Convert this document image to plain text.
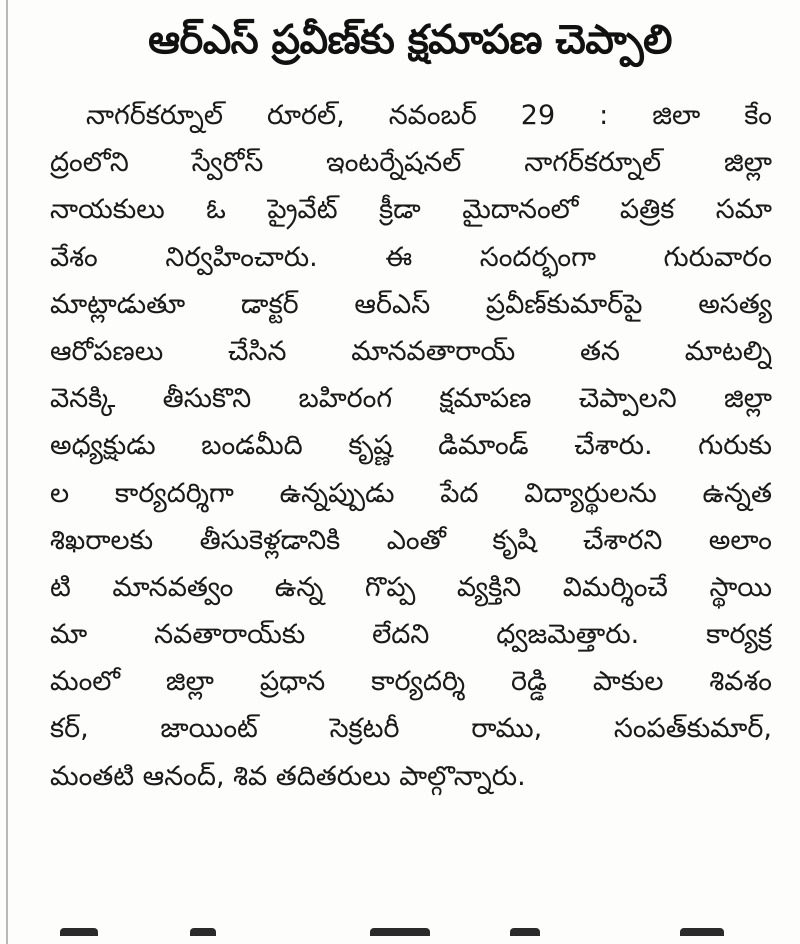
ఆర్‌ఎస్ ప్రవీణ్‌కు క్షమాపణ చెప్పాలి
నాగర్‌కర్నూల్ రూరల్, నవంబర్ 29 : జిలా కేం
ద్రంలోని స్వేరోస్ ఇంటర్నేషనల్ నాగర్‌కర్నూల్ జిల్లా
నాయకులు ఓ ప్రైవేట్ క్రీడా మైదానంలో పత్రిక సమా
వేశం నిర్వహించారు. ఈ సందర్భంగా గురువారం
మాట్లాడుతూ డాక్టర్ ఆర్‌ఎస్ ప్రవీణ్‌కుమార్‌పై అసత్య
ఆరోపణలు చేసిన మానవతారాయ్ తన మాటల్ని
వెనక్కి తీసుకొని బహిరంగ క్షమాపణ చెప్పాలని జిల్లా
అధ్యక్షుడు బండమీది కృష్ణ డిమాండ్ చేశారు. గురుకు
ల కార్యదర్శిగా ఉన్నప్పుడు పేద విద్యార్థులను ఉన్నత
శిఖరాలకు తీసుకెళ్లడానికి ఎంతో కృషి చేశారని అలాం
టి మానవత్వం ఉన్న గొప్ప వ్యక్తిని విమర్శించే స్థాయి
మా నవతారాయ్‌కు లేదని ధ్వజమెత్తారు. కార్యక్ర
మంలో జిల్లా ప్రధాన కార్యదర్శి రెడ్డి పాకుల శివశం
కర్, జాయింట్ సెక్రటరీ రాము, సంపత్‌కుమార్,
మంతటి ఆనంద్, శివ తదితరులు పాల్గొన్నారు.
